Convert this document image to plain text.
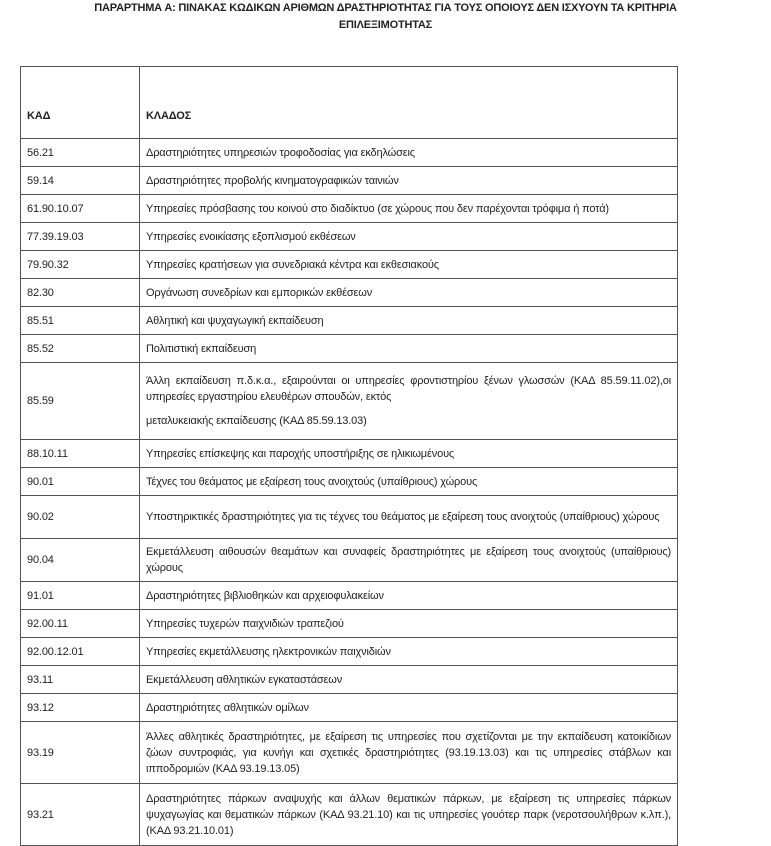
ΠΑΡΑΡΤΗΜΑ Α: ΠΙΝΑΚΑΣ ΚΩΔΙΚΩΝ ΑΡΙΘΜΩΝ ΔΡΑΣΤΗΡΙΟΤΗΤΑΣ ΓΙΑ ΤΟΥΣ ΟΠΟΙΟΥΣ ΔΕΝ ΙΣΧΥΟΥΝ ΤΑ ΚΡΙΤΗΡΙΑ
ΕΠΙΛΕΞΙΜΟΤΗΤΑΣ
ΚΑΔ	ΚΛΑΔΟΣ
56.21	Δραστηριότητες υπηρεσιών τροφοδοσίας για εκδηλώσεις

59.14	Δραστηριότητες προβολής κινηματογραφικών ταινιών

61.90.10.07	Υπηρεσίες πρόσβασης του κοινού στο διαδίκτυο (σε χώρους που δεν παρέχονται τρόφιμα ή ποτά)

77.39.19.03	Υπηρεσίες ενοικίασης εξοπλισμού εκθέσεων

79.90.32	Υπηρεσίες κρατήσεων για συνεδριακά κέντρα και εκθεσιακούς

82.30	Οργάνωση συνεδρίων και εμπορικών εκθέσεων

85.51	Αθλητική και ψυχαγωγική εκπαίδευση

85.52	Πολιτιστική εκπαίδευση

85.59	Άλλη εκπαίδευση π.δ.κ.α., εξαιρούνται οι υπηρεσίες φροντιστηρίου ξένων γλωσσών (ΚΑΔ 85.59.11.02),οι υπηρεσίες εργαστηρίου ελευθέρων σπουδών, εκτός
μεταλυκειακής εκπαίδευσης (ΚΑΔ 85.59.13.03)

88.10.11	Υπηρεσίες επίσκεψης και παροχής υποστήριξης σε ηλικιωμένους

90.01	Τέχνες του θεάματος με εξαίρεση τους ανοιχτούς (υπαίθριους) χώρους

90.02	Υποστηρικτικές δραστηριότητες για τις τέχνες του θεάματος με εξαίρεση τους ανοιχτούς (υπαίθριους) χώρους

90.04	Εκμετάλλευση αιθουσών θεαμάτων και συναφείς δραστηριότητες με εξαίρεση τους ανοιχτούς (υπαίθριους) χώρους

91.01	Δραστηριότητες βιβλιοθηκών και αρχειοφυλακείων

92.00.11	Υπηρεσίες τυχερών παιχνιδιών τραπεζιού

92.00.12.01	Υπηρεσίες εκμετάλλευσης ηλεκτρονικών παιχνιδιών

93.11	Εκμετάλλευση αθλητικών εγκαταστάσεων

93.12	Δραστηριότητες αθλητικών ομίλων

93.19	Άλλες αθλητικές δραστηριότητες, με εξαίρεση τις υπηρεσίες που σχετίζονται με την εκπαίδευση κατοικίδιων ζώων συντροφιάς, για κυνήγι και σχετικές δραστηριότητες (93.19.13.03) και τις υπηρεσίες στάβλων και ιπποδρομιών (ΚΑΔ 93.19.13.05)

93.21	Δραστηριότητες πάρκων αναψυχής και άλλων θεματικών πάρκων, με εξαίρεση τις υπηρεσίες πάρκων ψυχαγωγίας και θεματικών πάρκων (ΚΑΔ 93.21.10) και τις υπηρεσίες γουότερ παρκ (νεροτσουλήθρων κ.λπ.), (ΚΑΔ 93.21.10.01)
